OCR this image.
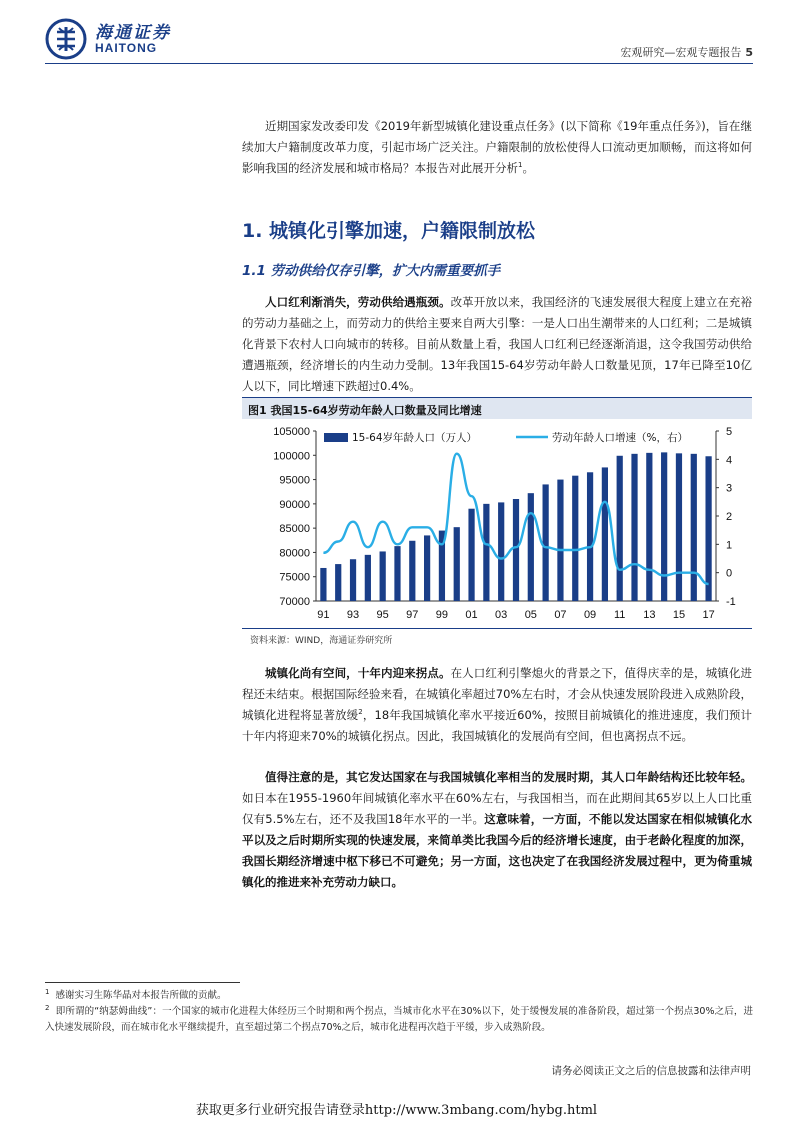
海通证券
HAITONG	宏观研究—宏观专题报告 5
近期国家发改委印发《2019年新型城镇化建设重点任务》(以下简称《19年重点任务》)，旨在继续加大户籍制度改革力度，引起市场广泛关注。户籍限制的放松使得人口流动更加顺畅，而这将如何影响我国的经济发展和城市格局？本报告对此展开分析$^1$。
1. 城镇化引擎加速，户籍限制放松
1.1 劳动供给仅存引擎，扩大内需重要抓手
人口红利渐消失，劳动供给遇瓶颈。改革开放以来，我国经济的飞速发展很大程度上建立在充裕的劳动力基础之上，而劳动力的供给主要来自两大引擎：一是人口出生潮带来的人口红利；二是城镇化背景下农村人口向城市的转移。目前从数量上看，我国人口红利已经逐渐消退，这令我国劳动供给遭遇瓶颈，经济增长的内生动力受制。13年我国15-64岁劳动年龄人口数量见顶，17年已降至10亿人以下，同比增速下跌超过0.4%。
图1 我国15-64岁劳动年龄人口数量及同比增速
105000
100000
95000
90000
85000
80000
75000
70000
5
4
3
2
1
0
-1
91 93 95 97 99 01 03 05 07 09 11 13 15 17
15-64岁年龄人口（万人）	劳动年龄人口增速（%，右）
资料来源：WIND，海通证券研究所
城镇化尚有空间，十年内迎来拐点。在人口红利引擎熄火的背景之下，值得庆幸的是，城镇化进程还未结束。根据国际经验来看，在城镇化率超过70%左右时，才会从快速发展阶段进入成熟阶段，城镇化进程将显著放缓$^2$，18年我国城镇化率水平接近60%，按照目前城镇化的推进速度，我们预计十年内将迎来70%的城镇化拐点。因此，我国城镇化的发展尚有空间，但也离拐点不远。
值得注意的是，其它发达国家在与我国城镇化率相当的发展时期，其人口年龄结构还比较年轻。如日本在1955-1960年间城镇化率水平在60%左右，与我国相当，而在此期间其65岁以上人口比重仅有5.5%左右，还不及我国18年水平的一半。这意味着，一方面，不能以发达国家在相似城镇化水平以及之后时期所实现的快速发展，来简单类比我国今后的经济增长速度，由于老龄化程度的加深，我国长期经济增速中枢下移已不可避免；另一方面，这也决定了在我国经济发展过程中，更为倚重城镇化的推进来补充劳动力缺口。
$^1$ 感谢实习生陈华晶对本报告所做的贡献。
$^2$ 即所谓的“纳瑟姆曲线”：一个国家的城市化进程大体经历三个时期和两个拐点，当城市化水平在30%以下，处于缓慢发展的准备阶段，超过第一个拐点30%之后，进入快速发展阶段，而在城市化水平继续提升，直至超过第二个拐点70%之后，城市化进程再次趋于平缓，步入成熟阶段。
请务必阅读正文之后的信息披露和法律声明
获取更多行业研究报告请登录http://www.3mbang.com/hybg.html
